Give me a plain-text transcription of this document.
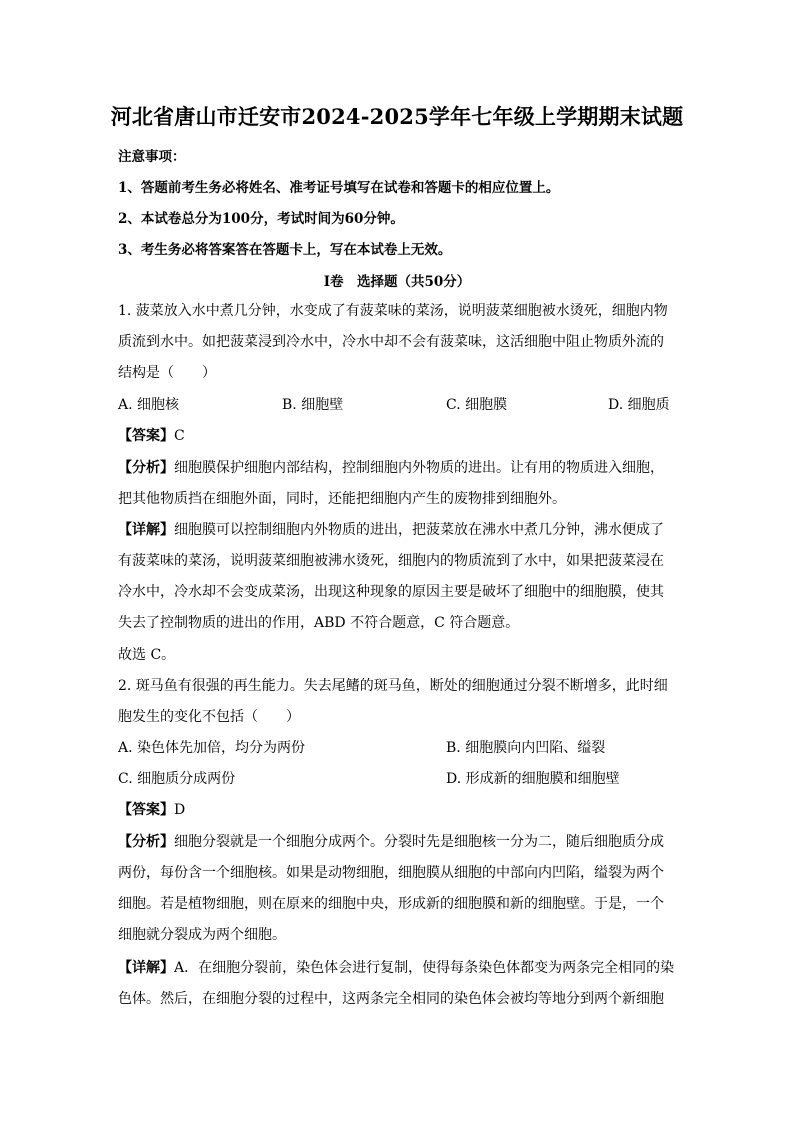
河北省唐山市迁安市2024-2025学年七年级上学期期末试题
注意事项：
1、答题前考生务必将姓名、准考证号填写在试卷和答题卡的相应位置上。
2、本试卷总分为100分，考试时间为60分钟。
3、考生务必将答案答在答题卡上，写在本试卷上无效。
Ⅰ卷　选择题（共50分）
1. 菠菜放入水中煮几分钟，水变成了有菠菜味的菜汤，说明菠菜细胞被水烫死，细胞内物
质流到水中。如把菠菜浸到冷水中，冷水中却不会有菠菜味，这活细胞中阻止物质外流的
结构是（　　）
A. 细胞核	B. 细胞壁	C. 细胞膜	D. 细胞质
【答案】C
【分析】细胞膜保护细胞内部结构，控制细胞内外物质的进出。让有用的物质进入细胞，
把其他物质挡在细胞外面，同时，还能把细胞内产生的废物排到细胞外。
【详解】细胞膜可以控制细胞内外物质的进出，把菠菜放在沸水中煮几分钟，沸水便成了
有菠菜味的菜汤，说明菠菜细胞被沸水烫死，细胞内的物质流到了水中，如果把菠菜浸在
冷水中，冷水却不会变成菜汤，出现这种现象的原因主要是破坏了细胞中的细胞膜，使其
失去了控制物质的进出的作用，ABD 不符合题意，C 符合题意。
故选 C。
2. 斑马鱼有很强的再生能力。失去尾鳍的斑马鱼，断处的细胞通过分裂不断增多，此时细
胞发生的变化不包括（　　）
A. 染色体先加倍，均分为两份	B. 细胞膜向内凹陷、缢裂
C. 细胞质分成两份	D. 形成新的细胞膜和细胞壁
【答案】D
【分析】细胞分裂就是一个细胞分成两个。分裂时先是细胞核一分为二，随后细胞质分成
两份，每份含一个细胞核。如果是动物细胞，细胞膜从细胞的中部向内凹陷，缢裂为两个
细胞。若是植物细胞，则在原来的细胞中央，形成新的细胞膜和新的细胞壁。于是，一个
细胞就分裂成为两个细胞。
【详解】A．在细胞分裂前，染色体会进行复制，使得每条染色体都变为两条完全相同的染
色体。然后，在细胞分裂的过程中，这两条完全相同的染色体会被均等地分到两个新细胞
